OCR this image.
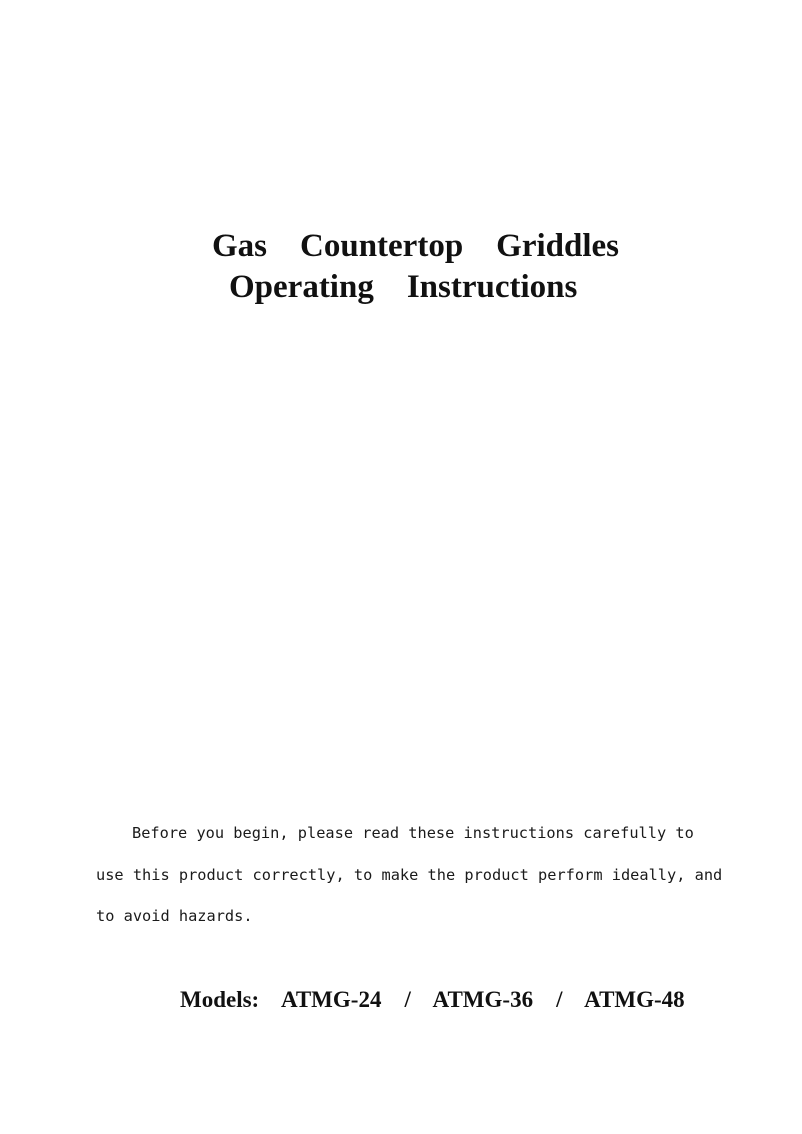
Gas    Countertop    Griddles
Operating    Instructions

Before you begin, please read these instructions carefully to

use this product correctly, to make the product perform ideally, and

to avoid hazards.

Models:    ATMG-24    /    ATMG-36    /    ATMG-48
